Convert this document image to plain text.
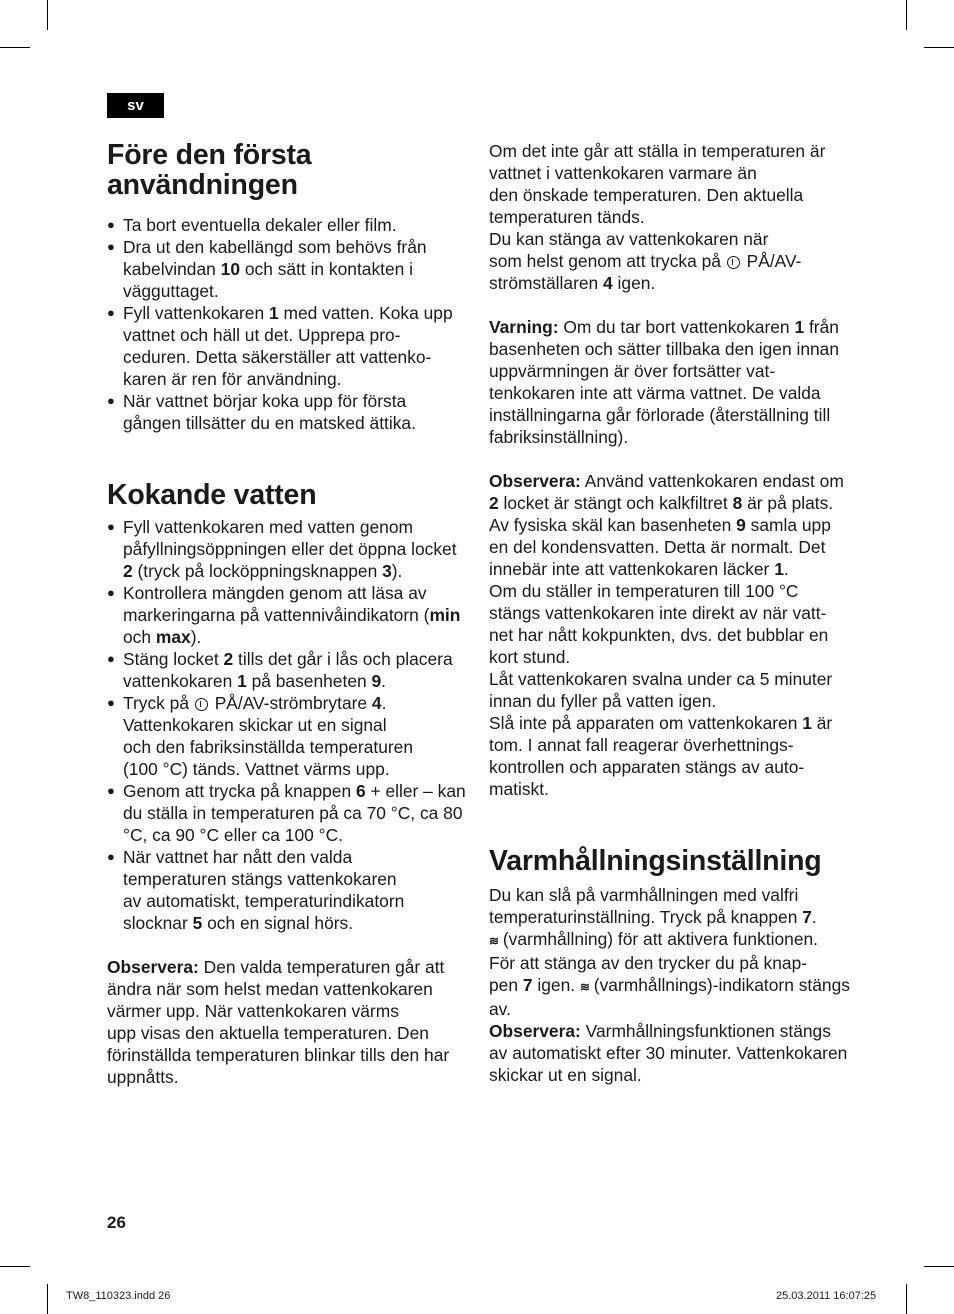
sv
Före den första
användningen
● Ta bort eventuella dekaler eller film.
● Dra ut den kabellängd som behövs från kabelvindan 10 och sätt in kontakten i vägguttaget.
● Fyll vattenkokaren 1 med vatten. Koka upp vattnet och häll ut det. Upprepa pro-
ceduren. Detta säkerställer att vattenko-
karen är ren för användning.
● När vattnet börjar koka upp för första gången tillsätter du en matsked ättika.
Kokande vatten
● Fyll vattenkokaren med vatten genom påfyllningsöppningen eller det öppna locket 2 (tryck på locköppningsknappen 3).
● Kontrollera mängden genom att läsa av markeringarna på vattennivåindikatorn (min och max).
● Stäng locket 2 tills det går i lås och placera vattenkokaren 1 på basenheten 9.
● Tryck på  PÅ/AV-strömbrytare 4.
Vattenkokaren skickar ut en signal
och den fabriksinställda temperaturen
(100 °C) tänds. Vattnet värms upp.
● Genom att trycka på knappen 6 + eller – kan du ställa in temperaturen på ca 70 °C, ca 80 °C, ca 90 °C eller ca 100 °C.
● När vattnet har nått den valda
temperaturen stängs vattenkokaren
av automatiskt, temperaturindikatorn
slocknar 5 och en signal hörs.

Observera: Den valda temperaturen går att ändra när som helst medan vattenkokaren värmer upp. När vattenkokaren värms
upp visas den aktuella temperaturen. Den förinställda temperaturen blinkar tills den har uppnåtts.

Om det inte går att ställa in temperaturen är vattnet i vattenkokaren varmare än
den önskade temperaturen. Den aktuella temperaturen tänds.
Du kan stänga av vattenkokaren när
som helst genom att trycka på  PÅ/AV-
strömställaren 4 igen.

Varning: Om du tar bort vattenkokaren 1 från basenheten och sätter tillbaka den igen innan uppvärmningen är över fortsätter vat-
tenkokaren inte att värma vattnet. De valda inställningarna går förlorade (återställning till fabriksinställning).

Observera: Använd vattenkokaren endast om 2 locket är stängt och kalkfiltret 8 är på plats.
Av fysiska skäl kan basenheten 9 samla upp en del kondensvatten. Detta är normalt. Det innebär inte att vattenkokaren läcker 1.
Om du ställer in temperaturen till 100 °C stängs vattenkokaren inte direkt av när vatt-
net har nått kokpunkten, dvs. det bubblar en kort stund.
Låt vattenkokaren svalna under ca 5 minuter innan du fyller på vatten igen.
Slå inte på apparaten om vattenkokaren 1 är tom. I annat fall reagerar överhettnings-
kontrollen och apparaten stängs av auto-
matiskt.

Varmhållningsinställning

Du kan slå på varmhållningen med valfri temperaturinställning. Tryck på knappen 7.
≋ (varmhållning) för att aktivera funktionen.
För att stänga av den trycker du på knap-
pen 7 igen. ≋ (varmhållnings)-indikatorn stängs av.
Observera: Varmhållningsfunktionen stängs av automatiskt efter 30 minuter. Vattenkokaren skickar ut en signal.

26
TW8_110323.indd 26	25.03.2011 16:07:25
